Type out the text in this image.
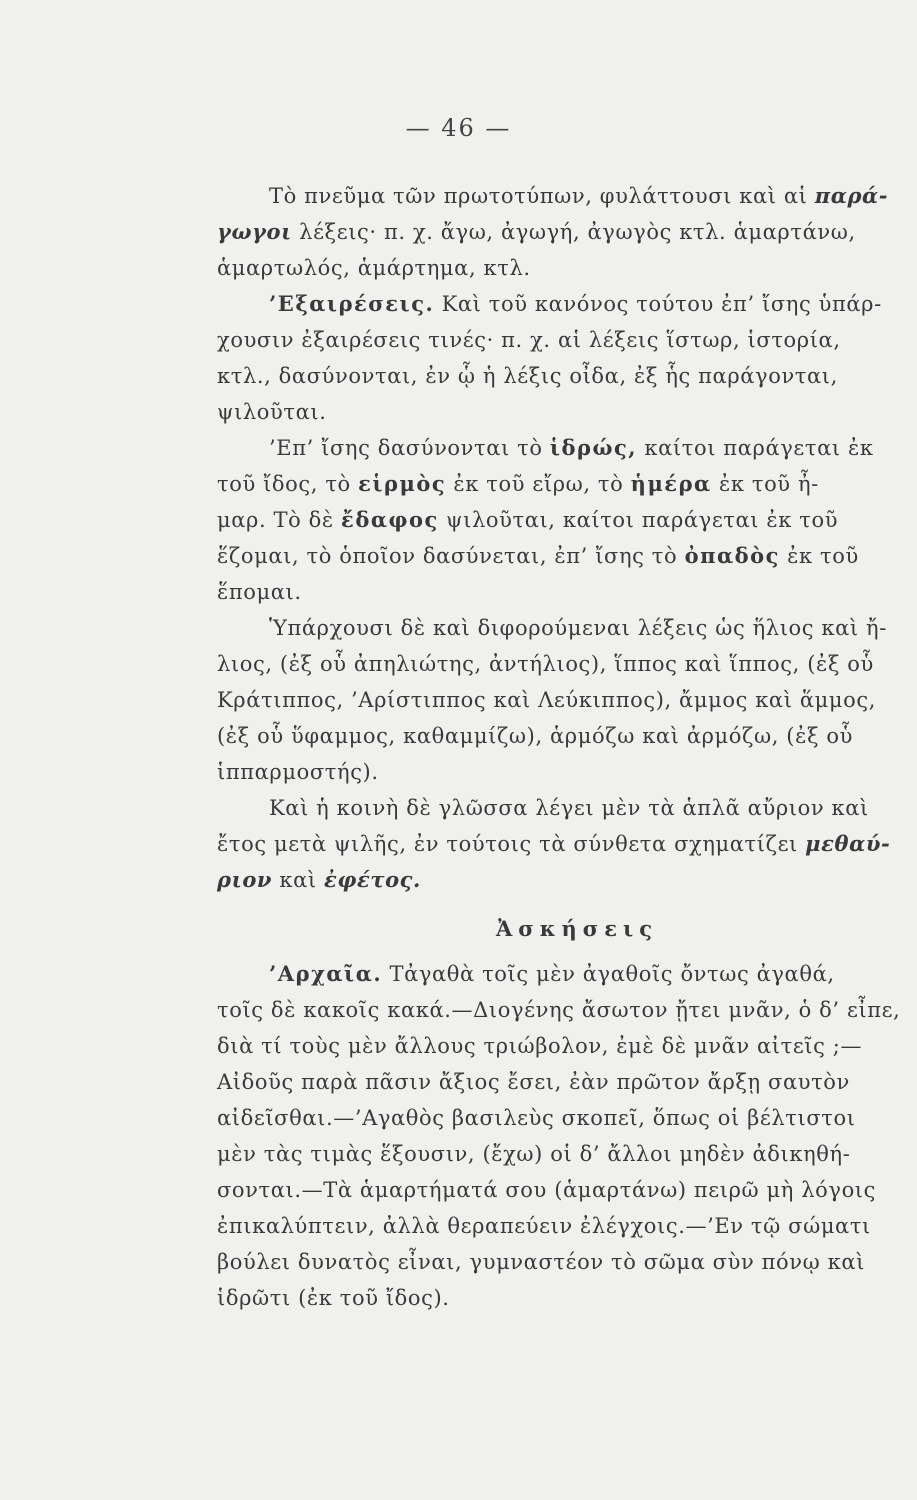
— 46 —
Τὸ πνεῦμα τῶν πρωτοτύπων, φυλάττουσι καὶ αἱ παρά-
γωγοι λέξεις· π. χ. ἄγω, ἀγωγή, ἀγωγὸς κτλ. ἁμαρτάνω,
ἁμαρτωλός, ἁμάρτημα, κτλ.
’Εξαιρέσεις. Καὶ τοῦ κανόνος τούτου ἐπ’ ἴσης ὑπάρ-
χουσιν ἐξαιρέσεις τινές· π. χ. αἱ λέξεις ἵστωρ, ἱστορία,
κτλ., δασύνονται, ἐν ᾧ ἡ λέξις οἶδα, ἐξ ἧς παράγονται,
ψιλοῦται.
’Επ’ ἴσης δασύνονται τὸ ἱδρώς, καίτοι παράγεται ἐκ
τοῦ ἴδος, τὸ εἱρμὸς ἐκ τοῦ εἴρω, τὸ ἡμέρα ἐκ τοῦ ἦ-
μαρ. Τὸ δὲ ἔδαφος ψιλοῦται, καίτοι παράγεται ἐκ τοῦ
ἕζομαι, τὸ ὁποῖον δασύνεται, ἐπ’ ἴσης τὸ ὀπαδὸς ἐκ τοῦ
ἕπομαι.
Ὑπάρχουσι δὲ καὶ διφορούμεναι λέξεις ὡς ἥλιος καὶ ἤ-
λιος, (ἐξ οὗ ἀπηλιώτης, ἀντήλιος), ἵππος καὶ ἵππος, (ἐξ οὗ
Κράτιππος, ’Αρίστιππος καὶ Λεύκιππος), ἄμμος καὶ ἅμμος,
(ἐξ οὗ ὕφαμμος, καθαμμίζω), ἁρμόζω καὶ ἀρμόζω, (ἐξ οὗ
ἱππαρμοστής).
Καὶ ἡ κοινὴ δὲ γλῶσσα λέγει μὲν τὰ ἁπλᾶ αὔριον καὶ
ἔτος μετὰ ψιλῆς, ἐν τούτοις τὰ σύνθετα σχηματίζει μεθαύ-
ριον καὶ ἐφέτος.
Ἀσκήσεις
’Αρχαῖα. Τἀγαθὰ τοῖς μὲν ἀγαθοῖς ὄντως ἀγαθά,
τοῖς δὲ κακοῖς κακά.—Διογένης ἄσωτον ᾔτει μνᾶν, ὁ δ’ εἶπε,
διὰ τί τοὺς μὲν ἄλλους τριώβολον, ἐμὲ δὲ μνᾶν αἰτεῖς ;—
Αἰδοῦς παρὰ πᾶσιν ἄξιος ἔσει, ἐὰν πρῶτον ἄρξῃ σαυτὸν
αἰδεῖσθαι.—’Αγαθὸς βασιλεὺς σκοπεῖ, ὅπως οἱ βέλτιστοι
μὲν τὰς τιμὰς ἕξουσιν, (ἔχω) οἱ δ’ ἄλλοι μηδὲν ἀδικηθή-
σονται.—Τὰ ἁμαρτήματά σου (ἁμαρτάνω) πειρῶ μὴ λόγοις
ἐπικαλύπτειν, ἀλλὰ θεραπεύειν ἐλέγχοις.—’Εν τῷ σώματι
βούλει δυνατὸς εἶναι, γυμναστέον τὸ σῶμα σὺν πόνῳ καὶ
ἱδρῶτι (ἐκ τοῦ ἴδος).
